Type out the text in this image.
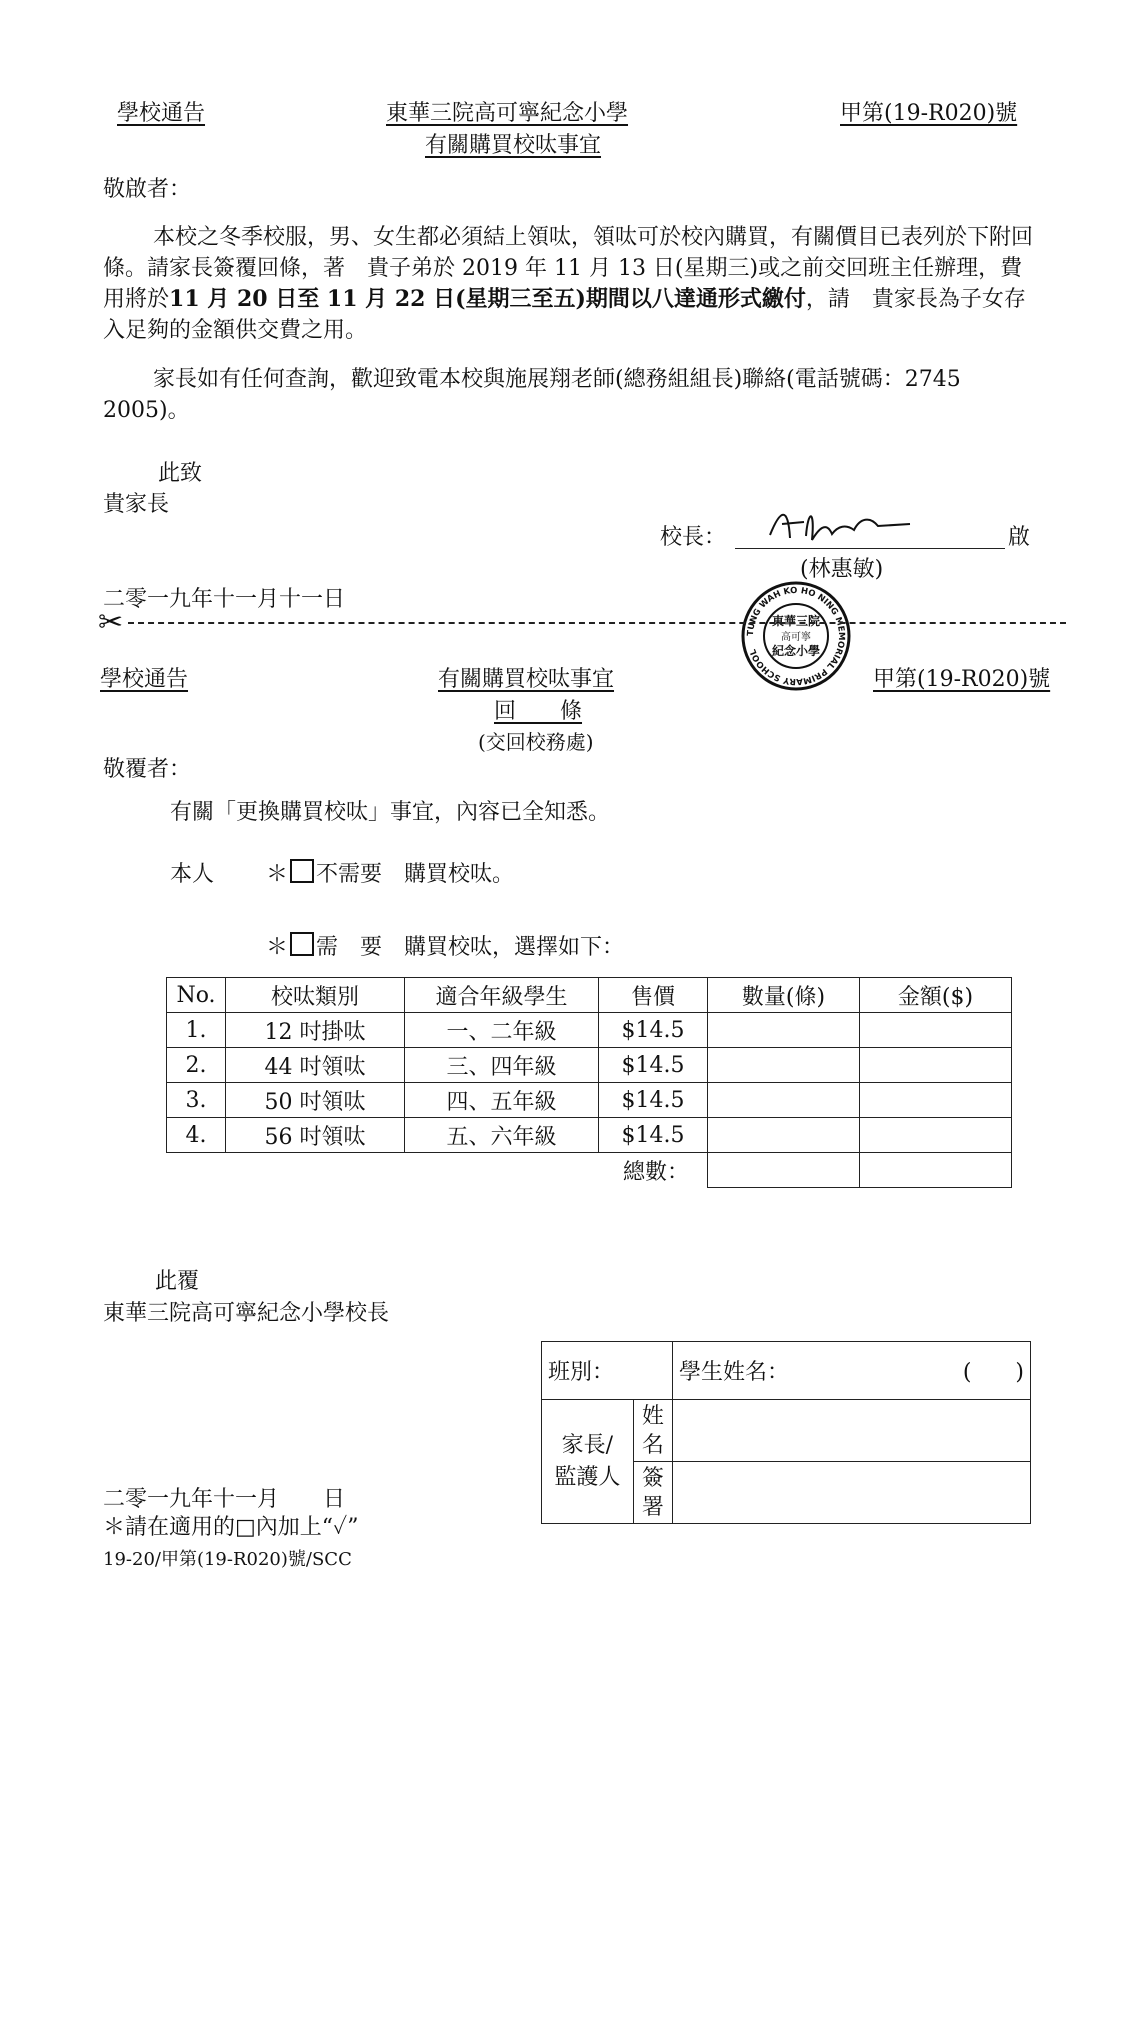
學校通告	東華三院高可寧紀念小學
有關購買校呔事宜
甲第(19-R020)號
敬啟者：
本校之冬季校服，男、女生都必須結上領呔，領呔可於校內購買，有關價目已表列於下附回條。請家長簽覆回條，著　貴子弟於 2019 年 11 月 13 日(星期三)或之前交回班主任辦理，費用將於11 月 20 日至 11 月 22 日(星期三至五)期間以八達通形式繳付，請　貴家長為子女存入足夠的金額供交費之用。
家長如有任何查詢，歡迎致電本校與施展翔老師(總務組組長)聯絡(電話號碼：2745 2005)。
此致
貴家長
校長：	啟
(林惠敏)
二零一九年十一月十一日
TUNG WAH KO HO NING MEMORIAL PRIMARY SCHOOL
東華三院
高可寧
紀念小學
✂
學校通告	有關購買校呔事宜	甲第(19-R020)號
回　　條
(交回校務處)
敬覆者：
有關「更換購買校呔」事宜，內容已全知悉。
本人 ＊ 不需要　購買校呔。
＊ 需　要　購買校呔，選擇如下：
No.	校呔類別	適合年級學生	售價	數量(條)	金額($)
1.	12 吋掛呔	一、二年級	$14.5		
2.	44 吋領呔	三、四年級	$14.5		
3.	50 吋領呔	四、五年級	$14.5		
4.	56 吋領呔	五、六年級	$14.5		
總數：					
此覆
東華三院高可寧紀念小學校長
班別：		學生姓名： (　　)

家長/
監護人	姓
名	
	簽
署	
二零一九年十一月　　日
＊請在適用的□內加上“✓”
19-20/甲第(19-R020)號/SCC
